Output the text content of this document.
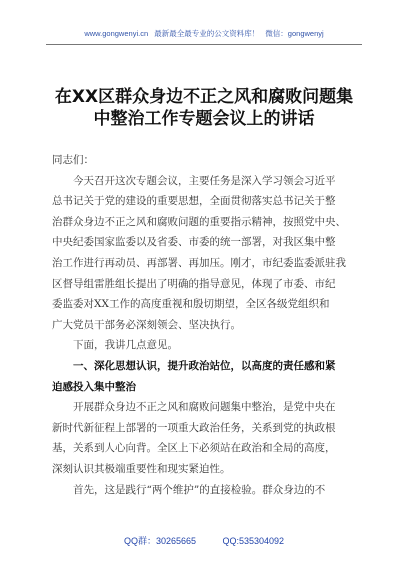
www.gongwenyi.cn 最新最全最专业的公文资料库！ 微信：gongwenyj
在XX区群众身边不正之风和腐败问题集
中整治工作专题会议上的讲话

同志们：

今天召开这次专题会议，主要任务是深入学习领会习近平
总书记关于党的建设的重要思想，全面贯彻落实总书记关于整
治群众身边不正之风和腐败问题的重要指示精神，按照党中央、
中央纪委国家监委以及省委、市委的统一部署，对我区集中整
治工作进行再动员、再部署、再加压。刚才，市纪委监委派驻我
区督导组雷胜组长提出了明确的指导意见，体现了市委、市纪
委监委对XX工作的高度重视和殷切期望，全区各级党组织和
广大党员干部务必深刻领会、坚决执行。

下面，我讲几点意见。

一、深化思想认识，提升政治站位，以高度的责任感和紧
迫感投入集中整治

开展群众身边不正之风和腐败问题集中整治，是党中央在
新时代新征程上部署的一项重大政治任务，关系到党的执政根
基，关系到人心向背。全区上下必须站在政治和全局的高度，
深刻认识其极端重要性和现实紧迫性。

首先，这是践行“两个维护”的直接检验。群众身边的不

QQ群：30265665	QQ:535304092
